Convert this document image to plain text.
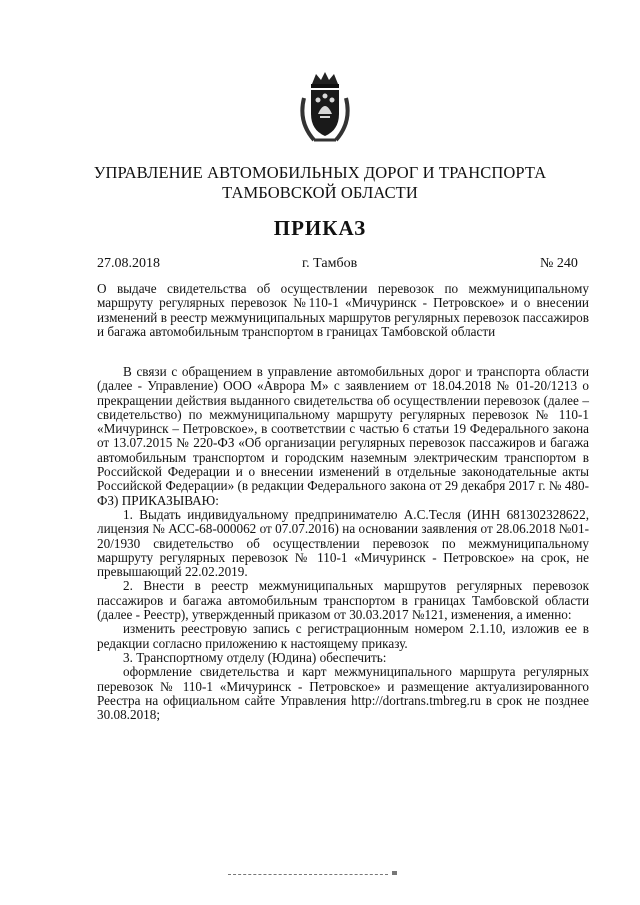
УПРАВЛЕНИЕ АВТОМОБИЛЬНЫХ ДОРОГ И ТРАНСПОРТА
ТАМБОВСКОЙ ОБЛАСТИ
ПРИКАЗ
27.08.2018	г. Тамбов	№ 240

О выдаче свидетельства об осуществлении перевозок по межмуниципальному маршруту регулярных перевозок №110-1 «Мичуринск - Петровское» и о внесении изменений в реестр межмуниципальных маршрутов регулярных перевозок пассажиров и багажа автомобильным транспортом в границах Тамбовской области

В связи с обращением в управление автомобильных дорог и транспорта области (далее - Управление) ООО «Аврора М» с заявлением от 18.04.2018 № 01-20/1213 о прекращении действия выданного свидетельства об осуществлении перевозок (далее – свидетельство) по межмуниципальному маршруту регулярных перевозок № 110-1 «Мичуринск – Петровское», в соответствии с частью 6 статьи 19 Федерального закона от 13.07.2015 № 220-ФЗ «Об организации регулярных перевозок пассажиров и багажа автомобильным транспортом и городским наземным электрическим транспортом в Российской Федерации и о внесении изменений в отдельные законодательные акты Российской Федерации» (в редакции Федерального закона от 29 декабря 2017 г. № 480-ФЗ) ПРИКАЗЫВАЮ:

1. Выдать индивидуальному предпринимателю А.С.Тесля (ИНН 681302328622, лицензия № АСС-68-000062 от 07.07.2016) на основании заявления от 28.06.2018 №01-20/1930 свидетельство об осуществлении перевозок по межмуниципальному маршруту регулярных перевозок № 110-1 «Мичуринск - Петровское» на срок, не превышающий 22.02.2019.

2. Внести в реестр межмуниципальных маршрутов регулярных перевозок пассажиров и багажа автомобильным транспортом в границах Тамбовской области (далее - Реестр), утвержденный приказом от 30.03.2017 №121, изменения, а именно:

изменить реестровую запись с регистрационным номером 2.1.10, изложив ее в редакции согласно приложению к настоящему приказу.

3. Транспортному отделу (Юдина) обеспечить:

оформление свидетельства и карт межмуниципального маршрута регулярных перевозок № 110-1 «Мичуринск - Петровское» и размещение актуализированного Реестра на официальном сайте Управления http://dortrans.tmbreg.ru в срок не позднее 30.08.2018;
